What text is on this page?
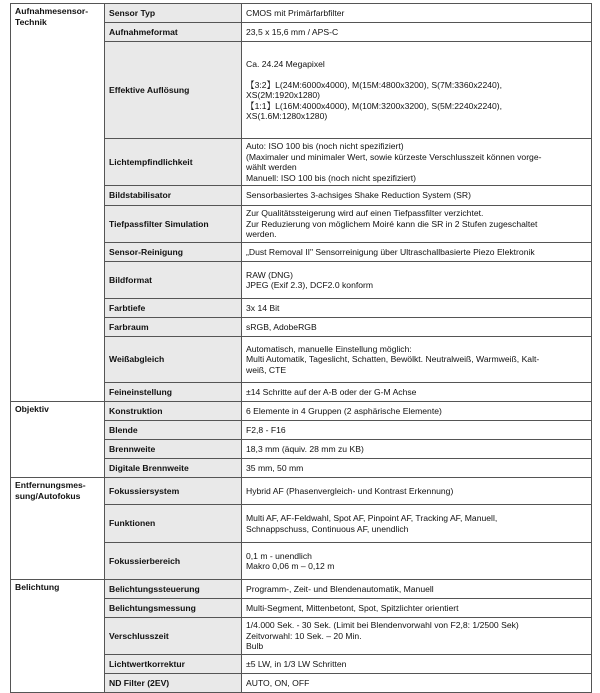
Aufnahmesensor-
Technik	Sensor Typ	CMOS mit Primärfarbfilter
	Aufnahmeformat	23,5 x 15,6 mm / APS-C
	Effektive Auflösung	Ca. 24.24 Megapixel

【3:2】L(24M:6000x4000), M(15M:4800x3200), S(7M:3360x2240),
XS(2M:1920x1280)
【1:1】L(16M:4000x4000), M(10M:3200x3200), S(5M:2240x2240),
XS(1.6M:1280x1280)
	Lichtempfindlichkeit	Auto: ISO 100 bis (noch nicht spezifiziert)
(Maximaler und minimaler Wert, sowie kürzeste Verschlusszeit können vorge-
wählt werden
Manuell: ISO 100 bis (noch nicht spezifiziert)
	Bildstabilisator	Sensorbasiertes 3-achsiges Shake Reduction System (SR)
	Tiefpassfilter Simulation	Zur Qualitätssteigerung wird auf einen Tiefpassfilter verzichtet.
Zur Reduzierung von möglichem Moiré kann die SR in 2 Stufen zugeschaltet
werden.
	Sensor-Reinigung	„Dust Removal II" Sensorreinigung über Ultraschallbasierte Piezo Elektronik
	Bildformat	RAW (DNG)
JPEG (Exif 2.3), DCF2.0 konform
	Farbtiefe	3x 14 Bit
	Farbraum	sRGB, AdobeRGB
	Weißabgleich	Automatisch, manuelle Einstellung möglich:
Multi Automatik, Tageslicht, Schatten, Bewölkt. Neutralweiß, Warmweiß, Kalt-
weiß, CTE
	Feineinstellung	±14 Schritte auf der A-B oder der G-M Achse
Objektiv	Konstruktion	6 Elemente in 4 Gruppen (2 asphärische Elemente)
	Blende	F2,8 - F16
	Brennweite	18,3 mm (äquiv. 28 mm zu KB)
	Digitale Brennweite	35 mm, 50 mm
Entfernungsmes-
sung/Autofokus	Fokussiersystem	Hybrid AF (Phasenvergleich- und Kontrast Erkennung)
	Funktionen	Multi AF, AF-Feldwahl, Spot AF, Pinpoint AF, Tracking AF, Manuell,
Schnappschuss, Continuous AF, unendlich
	Fokussierbereich	0,1 m - unendlich
Makro 0,06 m – 0,12 m
Belichtung	Belichtungssteuerung	Programm-, Zeit- und Blendenautomatik, Manuell
	Belichtungsmessung	Multi-Segment, Mittenbetont, Spot, Spitzlichter orientiert
	Verschlusszeit	1/4.000 Sek. - 30 Sek. (Limit bei Blendenvorwahl von F2,8: 1/2500 Sek)
Zeitvorwahl: 10 Sek. – 20 Min.
Bulb
	Lichtwertkorrektur	±5 LW, in 1/3 LW Schritten
	ND Filter (2EV)	AUTO, ON, OFF
